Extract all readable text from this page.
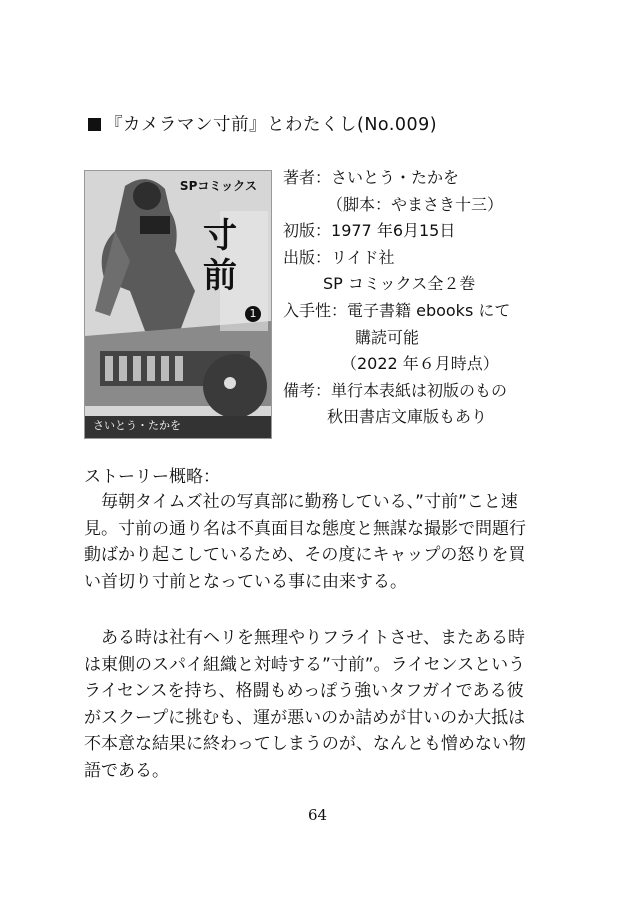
『カメラマン寸前』とわたくし(No.009)
SPコミックス
寸前
1
さいとう・たかを
著者：さいとう・たかを
（脚本：やまさき十三）
初版：1977 年6月15日
出版：リイド社
SP コミックス全２巻
入手性：電子書籍 ebooks にて
購読可能
（2022 年６月時点）
備考：単行本表紙は初版のもの
秋田書店文庫版もあり
ストーリー概略：
　毎朝タイムズ社の写真部に勤務している、”寸前”こと速
見。寸前の通り名は不真面目な態度と無謀な撮影で問題行
動ばかり起こしているため、その度にキャップの怒りを買
い首切り寸前となっている事に由来する。
　ある時は社有ヘリを無理やりフライトさせ、またある時
は東側のスパイ組織と対峙する”寸前”。ライセンスという
ライセンスを持ち、格闘もめっぽう強いタフガイである彼
がスクープに挑むも、運が悪いのか詰めが甘いのか大抵は
不本意な結果に終わってしまうのが、なんとも憎めない物
語である。
64
